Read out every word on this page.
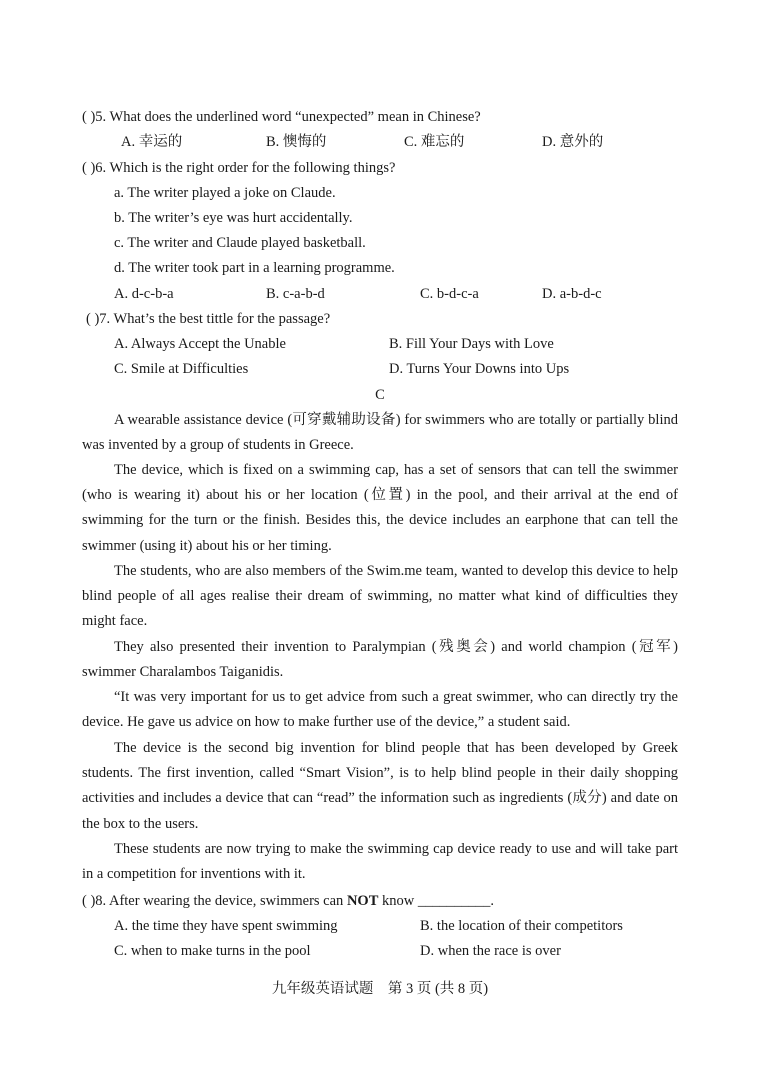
( )5. What does the underlined word “unexpected” mean in Chinese?
A. 幸运的	B. 懊悔的	C. 难忘的	D. 意外的
( )6. Which is the right order for the following things?
a. The writer played a joke on Claude.
b. The writer’s eye was hurt accidentally.
c. The writer and Claude played basketball.
d. The writer took part in a learning programme.
A. d-c-b-a	B. c-a-b-d	C. b-d-c-a	D. a-b-d-c
( )7. What’s the best tittle for the passage?
A. Always Accept the Unable	B. Fill Your Days with Love
C. Smile at Difficulties	D. Turns Your Downs into Ups
C

A wearable assistance device (可穿戴辅助设备) for swimmers who are totally or partially blind was invented by a group of students in Greece.

The device, which is fixed on a swimming cap, has a set of sensors that can tell the swimmer (who is wearing it) about his or her location (位置) in the pool, and their arrival at the end of swimming for the turn or the finish. Besides this, the device includes an earphone that can tell the swimmer (using it) about his or her timing.

The students, who are also members of the Swim.me team, wanted to develop this device to help blind people of all ages realise their dream of swimming, no matter what kind of difficulties they might face.

They also presented their invention to Paralympian (残奥会) and world champion (冠军) swimmer Charalambos Taiganidis.

“It was very important for us to get advice from such a great swimmer, who can directly try the device. He gave us advice on how to make further use of the device,” a student said.

The device is the second big invention for blind people that has been developed by Greek students. The first invention, called “Smart Vision”, is to help blind people in their daily shopping activities and includes a device that can “read” the information such as ingredients (成分) and date on the box to the users.

These students are now trying to make the swimming cap device ready to use and will take part in a competition for inventions with it.

( )8. After wearing the device, swimmers can NOT know __________.
A. the time they have spent swimming	B. the location of their competitors
C. when to make turns in the pool	D. when the race is over
九年级英语试题　第 3 页 (共 8 页)
